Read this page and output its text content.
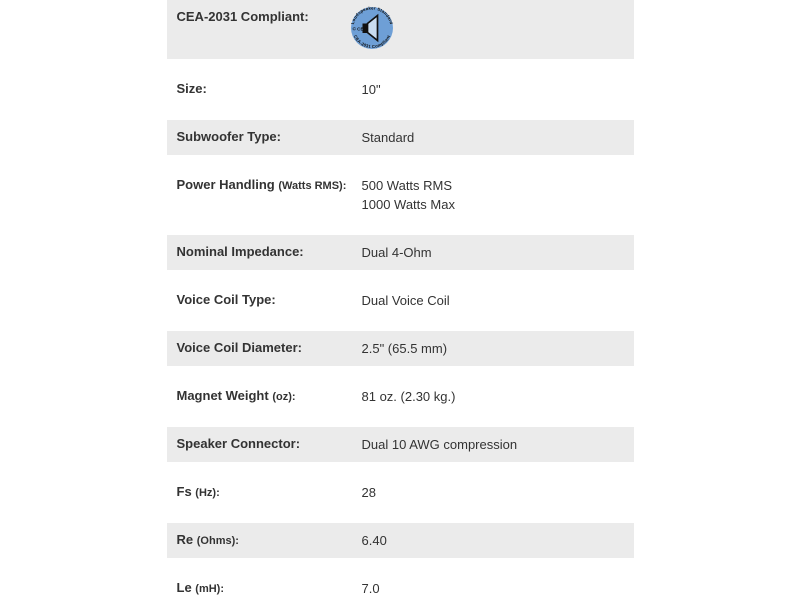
CEA-2031 Compliant:	Loudspeaker Standard
CEA-2031 Compliant
© CEA.
Size:	10"
Subwoofer Type:	Standard
Power Handling (Watts RMS):	500 Watts RMS
1000 Watts Max
Nominal Impedance:	Dual 4-Ohm
Voice Coil Type:	Dual Voice Coil
Voice Coil Diameter:	2.5" (65.5 mm)
Magnet Weight (oz):	81 oz. (2.30 kg.)
Speaker Connector:	Dual 10 AWG compression
Fs (Hz):	28
Re (Ohms):	6.40
Le (mH):	7.0
